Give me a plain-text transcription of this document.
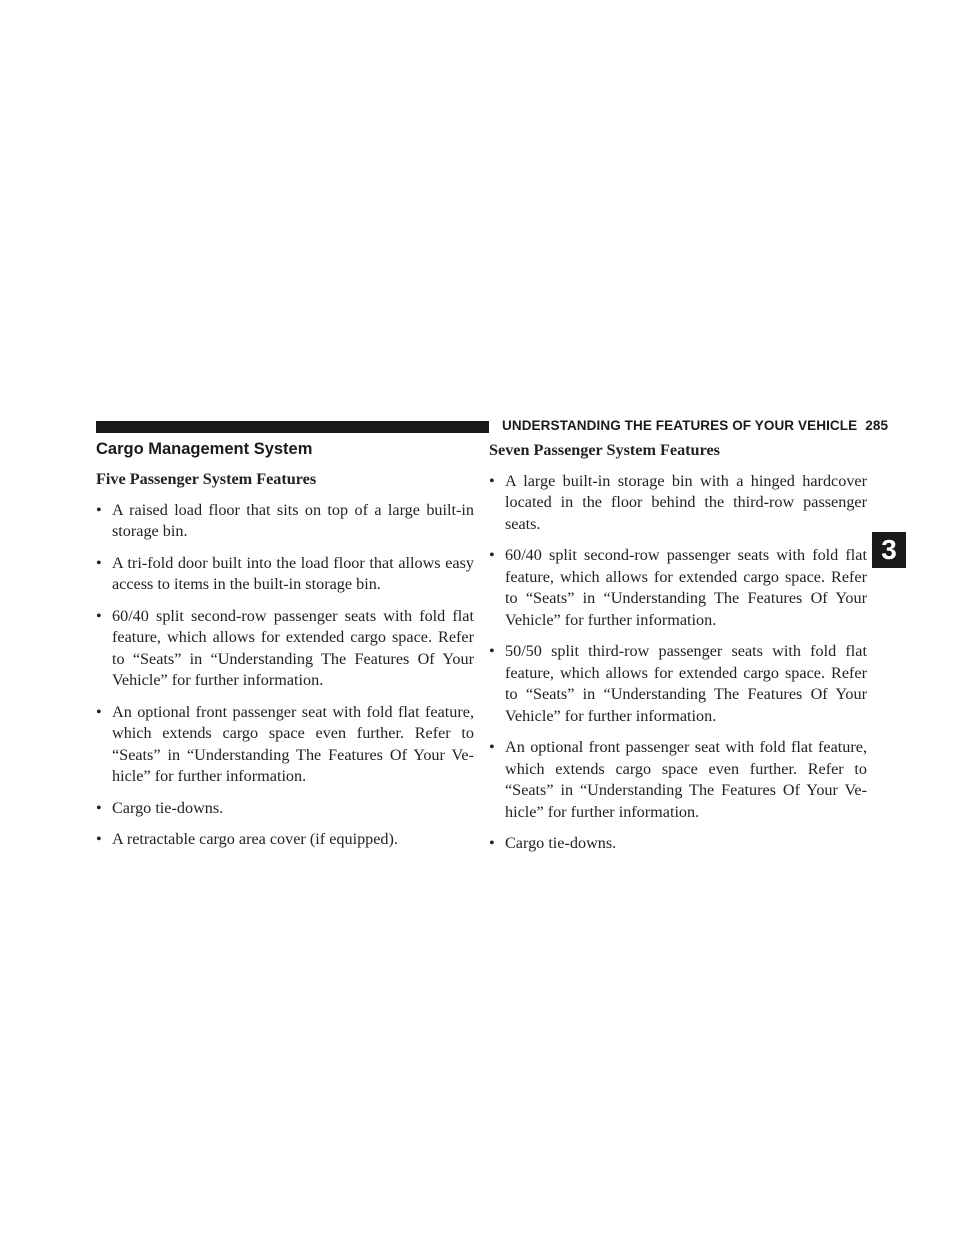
UNDERSTANDING THE FEATURES OF YOUR VEHICLE 285
3
Cargo Management System
Five Passenger System Features
• A raised load floor that sits on top of a large built-in storage bin.
• A tri-fold door built into the load floor that allows easy access to items in the built-in storage bin.
• 60/40 split second-row passenger seats with fold flat feature, which allows for extended cargo space. Refer to “Seats” in “Understanding The Features Of Your Vehicle” for further information.
• An optional front passenger seat with fold flat feature, which extends cargo space even further. Refer to “Seats” in “Understanding The Features Of Your Ve-hicle” for further information.
• Cargo tie-downs.
• A retractable cargo area cover (if equipped).
Seven Passenger System Features
• A large built-in storage bin with a hinged hardcover located in the floor behind the third-row passenger seats.
• 60/40 split second-row passenger seats with fold flat feature, which allows for extended cargo space. Refer to “Seats” in “Understanding The Features Of Your Vehicle” for further information.
• 50/50 split third-row passenger seats with fold flat feature, which allows for extended cargo space. Refer to “Seats” in “Understanding The Features Of Your Vehicle” for further information.
• An optional front passenger seat with fold flat feature, which extends cargo space even further. Refer to “Seats” in “Understanding The Features Of Your Ve-hicle” for further information.
• Cargo tie-downs.
